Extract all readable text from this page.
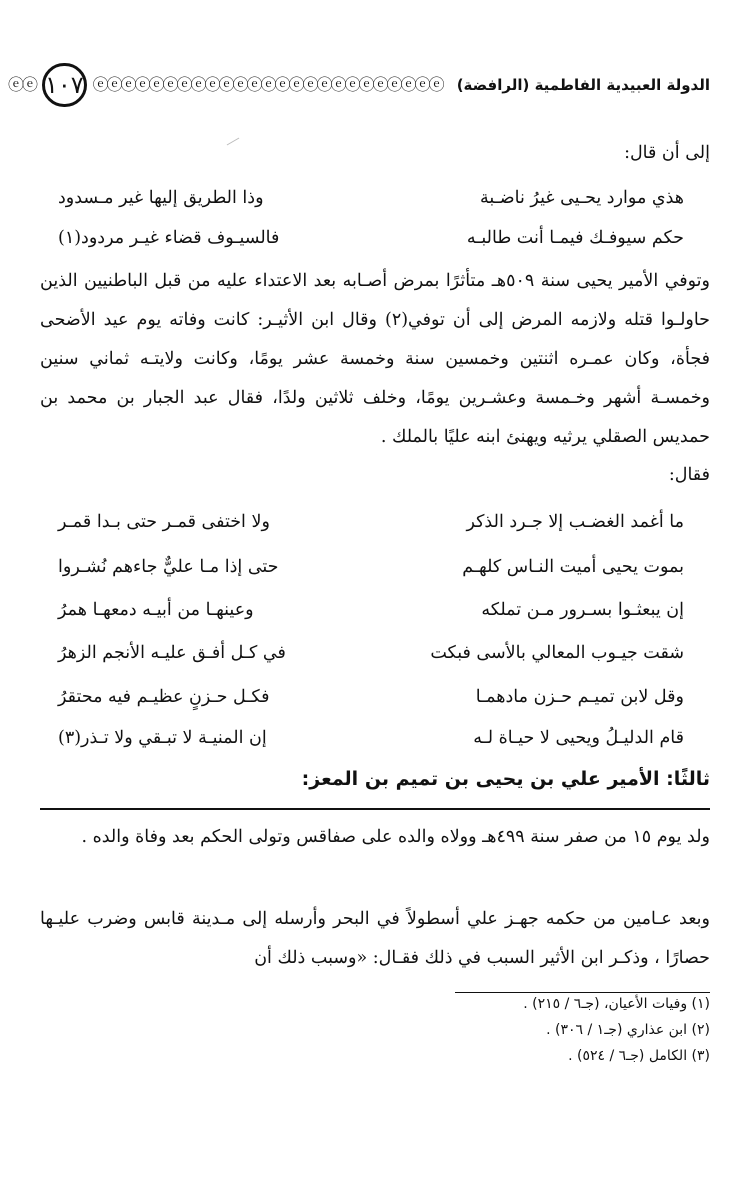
الدولة العبيدية الفاطمية (الرافضة)
ⓔⓔⓔⓔⓔⓔⓔⓔⓔⓔⓔⓔⓔⓔⓔⓔⓔⓔⓔⓔⓔⓔⓔⓔⓔ
١٠٧
ⓔⓔ
إلى أن قال:
هذي موارد يحـيى غيرُ ناضـبة
وذا الطريق إليها غير مـسدود
حكم سيوفـك فيمـا أنت طالبـه
فالسيـوف قضاء غيـر مردود(١)
وتوفي الأمير يحيى سنة ٥٠٩هـ متأثرًا بمرض أصـابه بعد الاعتداء عليه من قبل الباطنيين الذين حاولـوا قتله ولازمه المرض إلى أن توفي(٢) وقال ابن الأثيـر: كانت وفاته يوم عيد الأضحى فجأة، وكان عمـره اثنتين وخمسين سنة وخمسة عشر يومًا، وكانت ولايتـه ثماني سنين وخمسـة أشهر وخـمسة وعشـرين يومًا، وخلف ثلاثين ولدًا، فقال عبد الجبار بن محمد بن حمديس الصقلي يرثيه ويهنئ ابنه عليًا بالملك .
فقال:
ما أغمد الغضـب إلا جـرد الذكر
ولا اختفى قمـر حتى بـدا قمـر
بموت يحيى أميت النـاس كلهـم
حتى إذا مـا عليٌّ جاءهم نُشـروا
إن يبعثـوا بسـرور مـن تملكه
وعينهـا من أبيـه دمعهـا همرُ
شقت جيـوب المعالي بالأسى فبكت
في كـل أفـق عليـه الأنجم الزهرُ
وقل لابن تميـم حـزن مادهمـا
فكـل حـزنٍ عظيـم فيه محتقرُ
قام الدليـلُ ويحيى لا حيـاة لـه
إن المنيـة لا تبـقي ولا تـذر(٣)
ثالثًا: الأمير علي بن يحيى بن تميم بن المعز:
ولد يوم ١٥ من صفر سنة ٤٩٩هـ وولاه والده على صفاقس وتولى الحكم بعد وفاة والده .
وبعد عـامين من حكمه جهـز علي أسطولاً في البحر وأرسله إلى مـدينة قابس وضرب عليـها حصارًا ، وذكـر ابن الأثير السبب في ذلك فقـال: «وسبب ذلك أن
(١) وفيات الأعيان، (جـ٦ / ٢١٥) .
(٢) ابن عذاري (جـ١ / ٣٠٦) .
(٣) الكامل (جـ٦ / ٥٢٤) .
